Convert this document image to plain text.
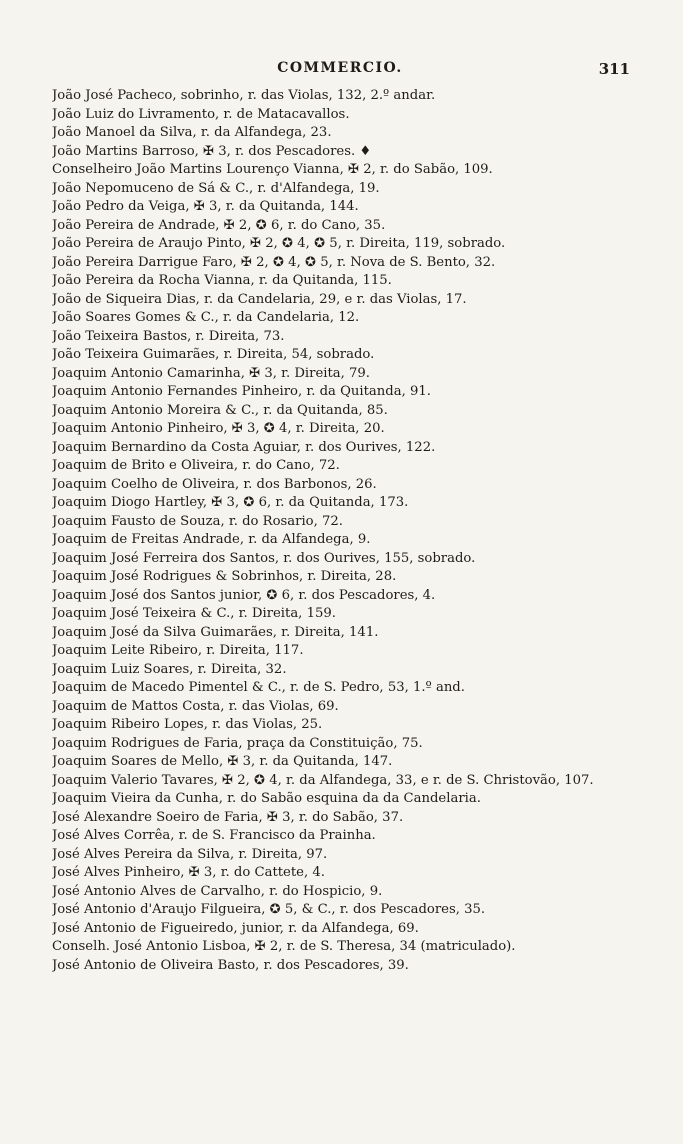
COMMERCIO.	311
João José Pacheco, sobrinho, r. das Violas, 132, 2.º andar.
João Luiz do Livramento, r. de Matacavallos.
João Manoel da Silva, r. da Alfandega, 23.
João Martins Barroso, ✠ 3, r. dos Pescadores. ♦
Conselheiro João Martins Lourenço Vianna, ✠ 2, r. do Sabão, 109.
João Nepomuceno de Sá & C., r. d'Alfandega, 19.
João Pedro da Veiga, ✠ 3, r. da Quitanda, 144.
João Pereira de Andrade, ✠ 2, ✪ 6, r. do Cano, 35.
João Pereira de Araujo Pinto, ✠ 2, ✪ 4, ✪ 5, r. Direita, 119, sobrado.
João Pereira Darrigue Faro, ✠ 2, ✪ 4, ✪ 5, r. Nova de S. Bento, 32.
João Pereira da Rocha Vianna, r. da Quitanda, 115.
João de Siqueira Dias, r. da Candelaria, 29, e r. das Violas, 17.
João Soares Gomes & C., r. da Candelaria, 12.
João Teixeira Bastos, r. Direita, 73.
João Teixeira Guimarães, r. Direita, 54, sobrado.
Joaquim Antonio Camarinha, ✠ 3, r. Direita, 79.
Joaquim Antonio Fernandes Pinheiro, r. da Quitanda, 91.
Joaquim Antonio Moreira & C., r. da Quitanda, 85.
Joaquim Antonio Pinheiro, ✠ 3, ✪ 4, r. Direita, 20.
Joaquim Bernardino da Costa Aguiar, r. dos Ourives, 122.
Joaquim de Brito e Oliveira, r. do Cano, 72.
Joaquim Coelho de Oliveira, r. dos Barbonos, 26.
Joaquim Diogo Hartley, ✠ 3, ✪ 6, r. da Quitanda, 173.
Joaquim Fausto de Souza, r. do Rosario, 72.
Joaquim de Freitas Andrade, r. da Alfandega, 9.
Joaquim José Ferreira dos Santos, r. dos Ourives, 155, sobrado.
Joaquim José Rodrigues & Sobrinhos, r. Direita, 28.
Joaquim José dos Santos junior, ✪ 6, r. dos Pescadores, 4.
Joaquim José Teixeira & C., r. Direita, 159.
Joaquim José da Silva Guimarães, r. Direita, 141.
Joaquim Leite Ribeiro, r. Direita, 117.
Joaquim Luiz Soares, r. Direita, 32.
Joaquim de Macedo Pimentel & C., r. de S. Pedro, 53, 1.º and.
Joaquim de Mattos Costa, r. das Violas, 69.
Joaquim Ribeiro Lopes, r. das Violas, 25.
Joaquim Rodrigues de Faria, praça da Constituição, 75.
Joaquim Soares de Mello, ✠ 3, r. da Quitanda, 147.
Joaquim Valerio Tavares, ✠ 2, ✪ 4, r. da Alfandega, 33, e r. de S. Christovão, 107.
Joaquim Vieira da Cunha, r. do Sabão esquina da da Candelaria.
José Alexandre Soeiro de Faria, ✠ 3, r. do Sabão, 37.
José Alves Corrêa, r. de S. Francisco da Prainha.
José Alves Pereira da Silva, r. Direita, 97.
José Alves Pinheiro, ✠ 3, r. do Cattete, 4.
José Antonio Alves de Carvalho, r. do Hospicio, 9.
José Antonio d'Araujo Filgueira, ✪ 5, & C., r. dos Pescadores, 35.
José Antonio de Figueiredo, junior, r. da Alfandega, 69.
Conselh. José Antonio Lisboa, ✠ 2, r. de S. Theresa, 34 (matriculado).
José Antonio de Oliveira Basto, r. dos Pescadores, 39.
